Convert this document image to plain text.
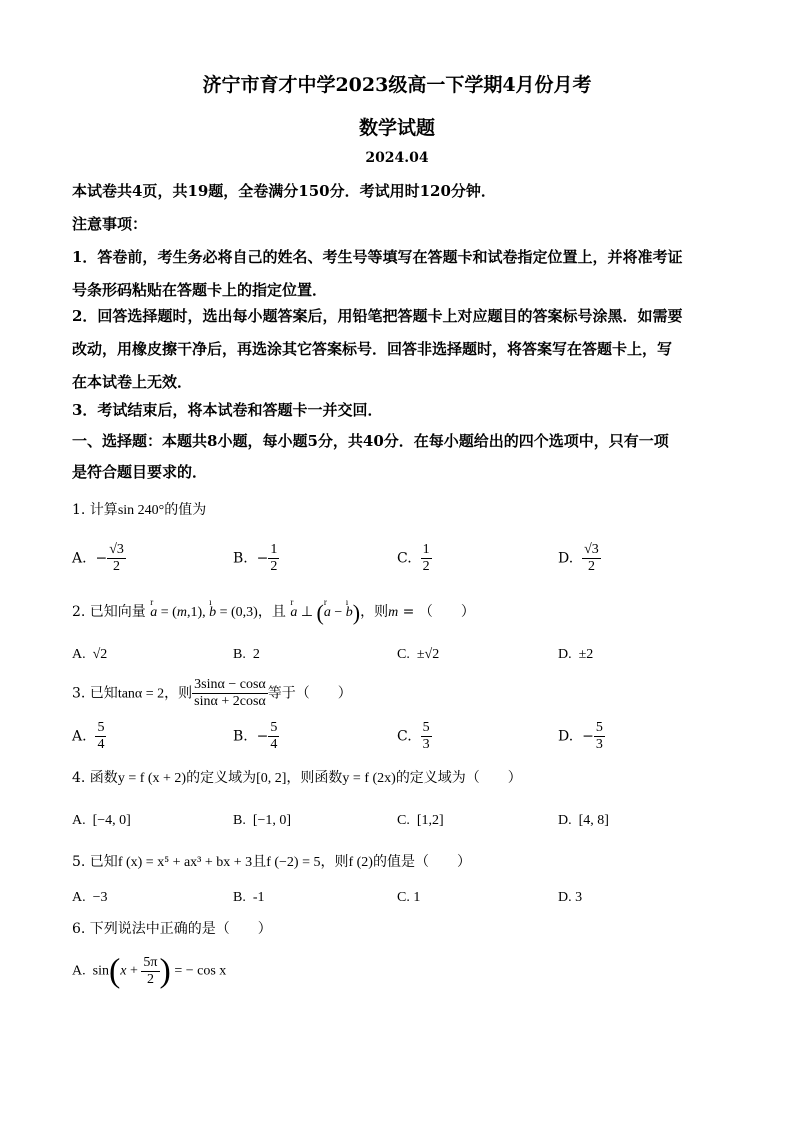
济宁市育才中学2023级高一下学期4月份月考
数学试题
2024.04
本试卷共4页，共19题，全卷满分150分．考试用时120分钟．
注意事项：
1．答卷前，考生务必将自己的姓名、考生号等填写在答题卡和试卷指定位置上，并将准考证
号条形码粘贴在答题卡上的指定位置．
2．回答选择题时，选出每小题答案后，用铅笔把答题卡上对应题目的答案标号涂黑．如需要
改动，用橡皮擦干净后，再选涂其它答案标号．回答非选择题时，将答案写在答题卡上，写
在本试卷上无效．
3．考试结束后，将本试卷和答题卡一并交回．
一、选择题：本题共8小题，每小题5分，共40分．在每小题给出的四个选项中，只有一项
是符合题目要求的．
1. 计算sin 240°的值为
A.  − $\frac{√3}{2}$	B.  − $\frac{1}{2}$	C. $\frac{1}{2}$	D. $\frac{√3}{2}$
2. 已知向量 r a = (m,1), ı b = (0,3)，且 r a ⊥ (r a − ı b)，则m = （　　）
A. √2	B. 2	C. ±√2	D. ±2
3. 已知tanα = 2，则 $\frac{3\sin\alpha - \cos\alpha}{\sin\alpha + 2\cos\alpha}$ 等于（　　）
A. $\frac{5}{4}$	B.  − $\frac{5}{4}$	C. $\frac{5}{3}$	D.  − $\frac{5}{3}$
4. 函数y = f (x + 2)的定义域为[0, 2]，则函数y = f (2x)的定义域为（　　）
A. [−4, 0]	B. [−1, 0]	C. [1,2]	D. [4, 8]
5. 已知f (x) = x⁵ + ax³ + bx + 3且f (−2) = 5，则f (2)的值是（　　）
A. −3	B. -1	C. 1	D. 3
6. 下列说法中正确的是（　　）
A. $\sin(x + \frac{5\pi}{2}$ ) = − cos x
